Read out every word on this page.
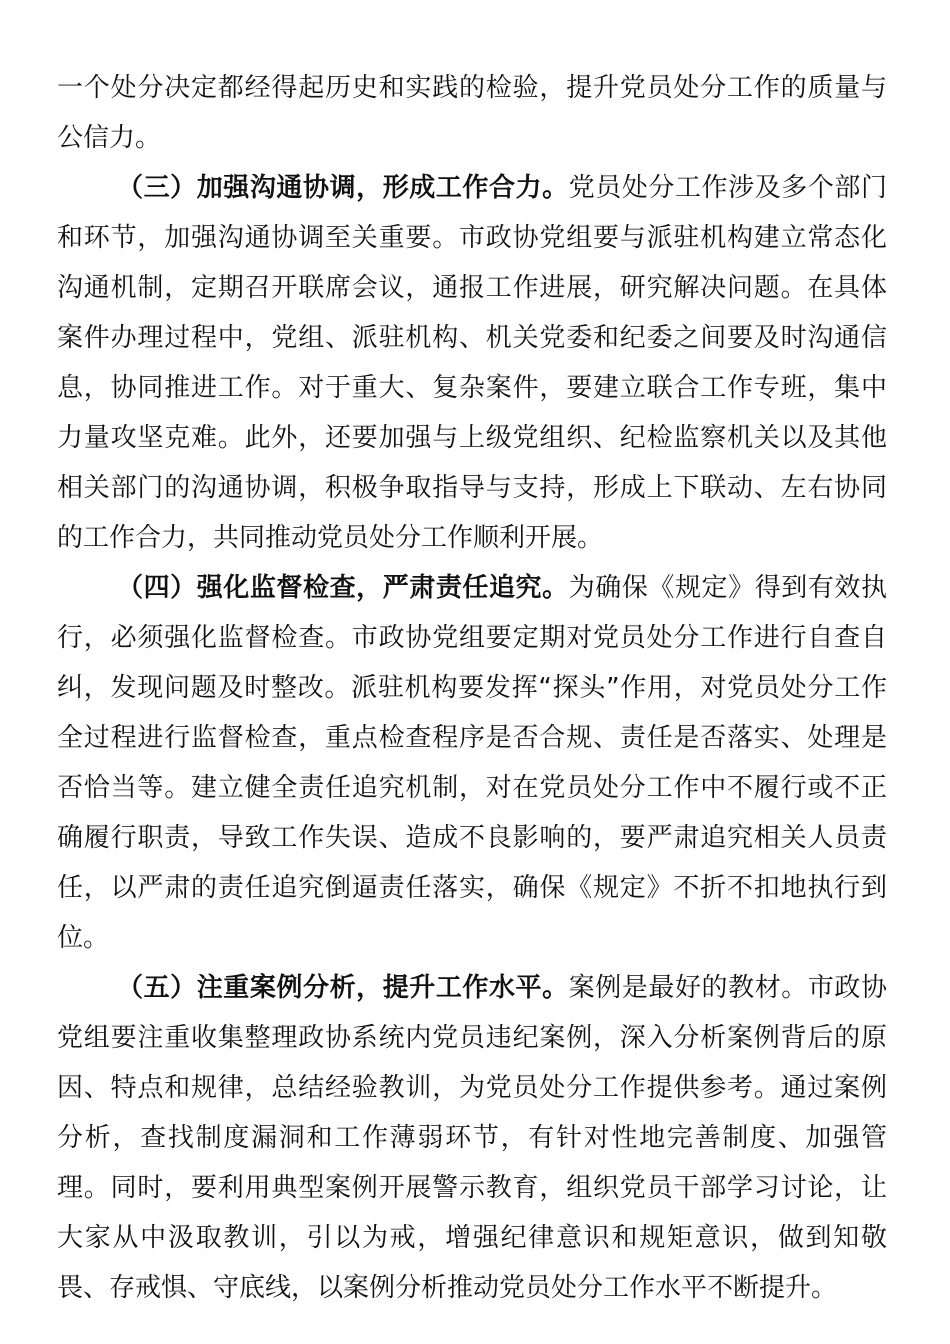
一个处分决定都经得起历史和实践的检验，提升党员处分工作的质量与公信力。

（三）加强沟通协调，形成工作合力。党员处分工作涉及多个部门和环节，加强沟通协调至关重要。市政协党组要与派驻机构建立常态化沟通机制，定期召开联席会议，通报工作进展，研究解决问题。在具体案件办理过程中，党组、派驻机构、机关党委和纪委之间要及时沟通信息，协同推进工作。对于重大、复杂案件，要建立联合工作专班，集中力量攻坚克难。此外，还要加强与上级党组织、纪检监察机关以及其他相关部门的沟通协调，积极争取指导与支持，形成上下联动、左右协同的工作合力，共同推动党员处分工作顺利开展。

（四）强化监督检查，严肃责任追究。为确保《规定》得到有效执行，必须强化监督检查。市政协党组要定期对党员处分工作进行自查自纠，发现问题及时整改。派驻机构要发挥“探头”作用，对党员处分工作全过程进行监督检查，重点检查程序是否合规、责任是否落实、处理是否恰当等。建立健全责任追究机制，对在党员处分工作中不履行或不正确履行职责，导致工作失误、造成不良影响的，要严肃追究相关人员责任，以严肃的责任追究倒逼责任落实，确保《规定》不折不扣地执行到位。

（五）注重案例分析，提升工作水平。案例是最好的教材。市政协党组要注重收集整理政协系统内党员违纪案例，深入分析案例背后的原因、特点和规律，总结经验教训，为党员处分工作提供参考。通过案例分析，查找制度漏洞和工作薄弱环节，有针对性地完善制度、加强管理。同时，要利用典型案例开展警示教育，组织党员干部学习讨论，让大家从中汲取教训，引以为戒，增强纪律意识和规矩意识，做到知敬畏、存戒惧、守底线，以案例分析推动党员处分工作水平不断提升。
